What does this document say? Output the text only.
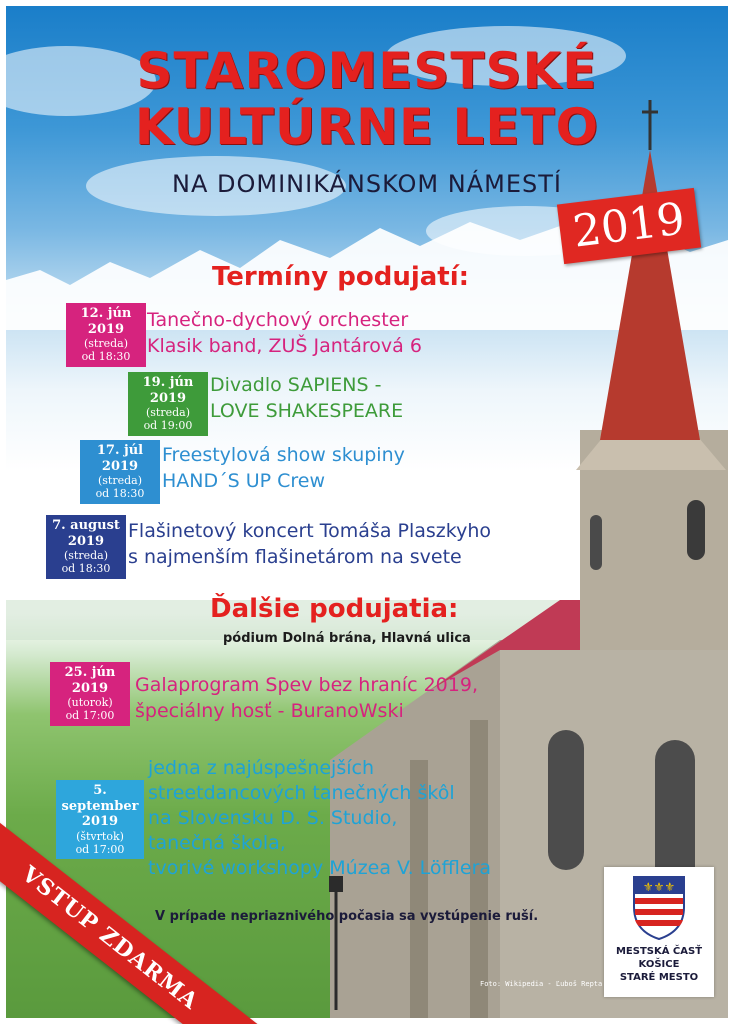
STAROMESTSKÉ
KULTÚRNE LETO

NA DOMINIKÁNSKOM NÁMESTÍ

2019
Termíny podujatí:
12. jún
2019
(streda)
od 18:30

Tanečno-dychový orchester
Klasik band, ZUŠ Jantárová 6

19. jún
2019
(streda)
od 19:00

Divadlo SAPIENS -
LOVE SHAKESPEARE

17. júl
2019
(streda)
od 18:30

Freestylová show skupiny
HAND´S UP Crew

7. august
2019
(streda)
od 18:30

Flašinetový koncert Tomáša Plaszkyho
s najmenším flašinetárom na svete

Ďalšie podujatia:

pódium Dolná brána, Hlavná ulica

25. jún
2019
(utorok)
od 17:00

Galaprogram Spev bez hraníc 2019,
špeciálny hosť - BuranoWski

5. september
2019
(štvrtok)
od 17:00

jedna z najúspešnejších
streetdancových tanečných škôl
na Slovensku D. S. Studio,
tanečná škola,
tvorivé workshopy Múzea V. Löfflera

V prípade nepriaznivého počasia sa vystúpenie ruší.

Foto: Wikipedia - Ľuboš Repta

⚜⚜⚜
MESTSKÁ ČASŤ
KOŠICE
STARÉ MESTO
VSTUP ZDARMA
